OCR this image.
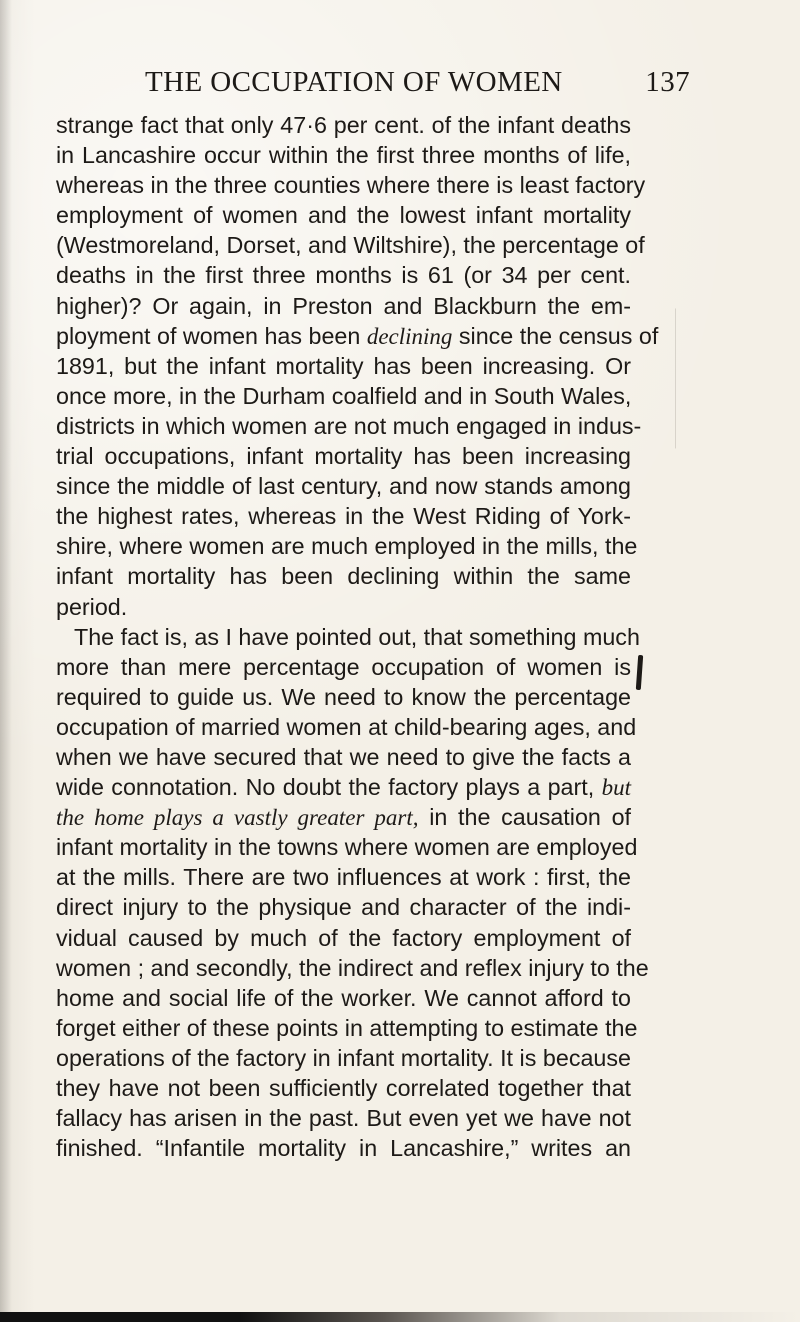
THE OCCUPATION OF WOMEN	137
strange fact that only 47·6 per cent. of the infant deaths
in Lancashire occur within the first three months of life,
whereas in the three counties where there is least factory
employment of women and the lowest infant mortality
(Westmoreland, Dorset, and Wiltshire), the percentage of
deaths in the first three months is 61 (or 34 per cent.
higher)? Or again, in Preston and Blackburn the em-
ployment of women has been declining since the census of
1891, but the infant mortality has been increasing. Or
once more, in the Durham coalfield and in South Wales,
districts in which women are not much engaged in indus-
trial occupations, infant mortality has been increasing
since the middle of last century, and now stands among
the highest rates, whereas in the West Riding of York-
shire, where women are much employed in the mills, the
infant mortality has been declining within the same
period.
The fact is, as I have pointed out, that something much
more than mere percentage occupation of women is
required to guide us. We need to know the percentage
occupation of married women at child-bearing ages, and
when we have secured that we need to give the facts a
wide connotation. No doubt the factory plays a part, but
the home plays a vastly greater part, in the causation of
infant mortality in the towns where women are employed
at the mills. There are two influences at work : first, the
direct injury to the physique and character of the indi-
vidual caused by much of the factory employment of
women ; and secondly, the indirect and reflex injury to the
home and social life of the worker. We cannot afford to
forget either of these points in attempting to estimate the
operations of the factory in infant mortality. It is because
they have not been sufficiently correlated together that
fallacy has arisen in the past. But even yet we have not
finished. “Infantile mortality in Lancashire,” writes an
